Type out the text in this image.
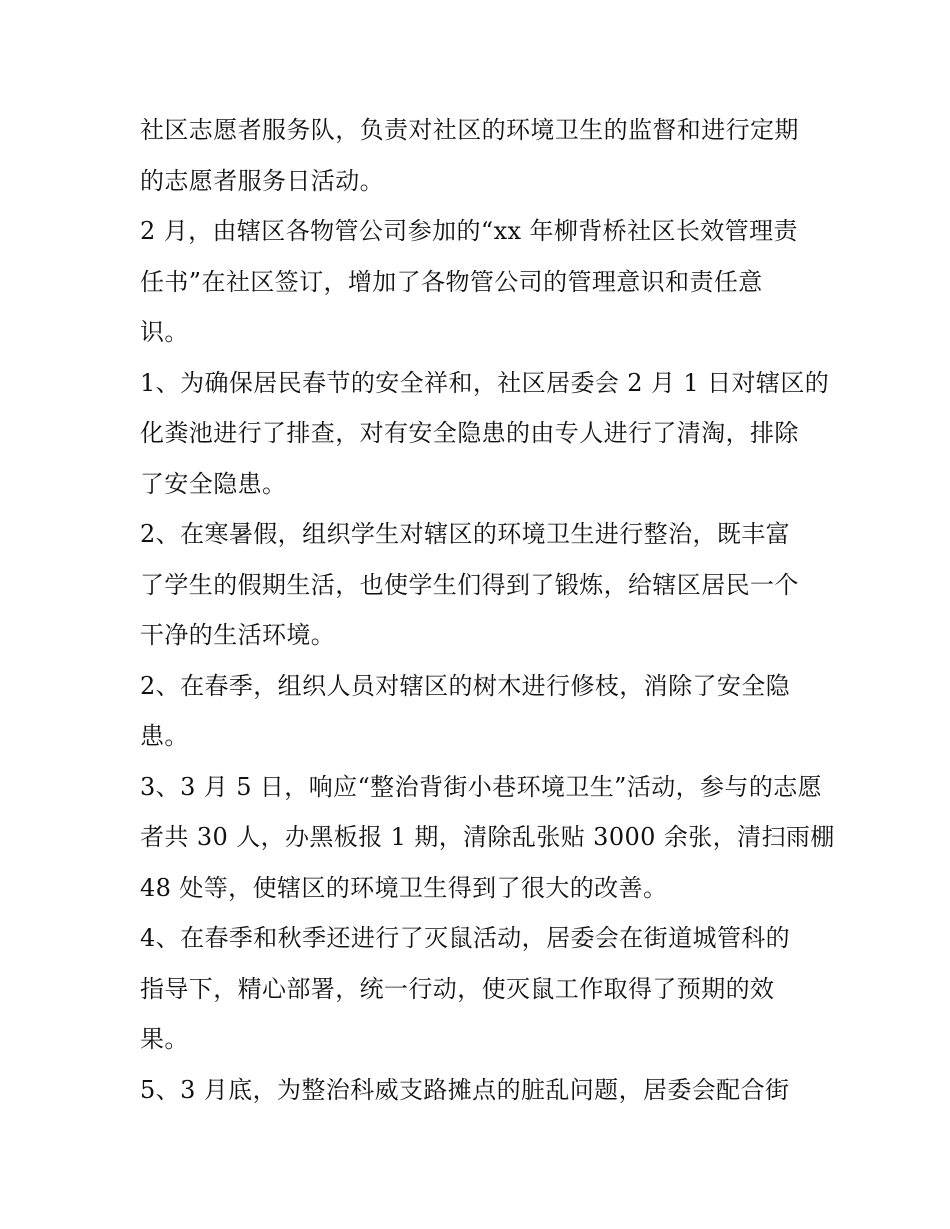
社区志愿者服务队，负责对社区的环境卫生的监督和进行定期
的志愿者服务日活动。
2 月，由辖区各物管公司参加的“xx 年柳背桥社区长效管理责
任书”在社区签订，增加了各物管公司的管理意识和责任意
识。
1、为确保居民春节的安全祥和，社区居委会 2 月 1 日对辖区的
化粪池进行了排查，对有安全隐患的由专人进行了清淘，排除
了安全隐患。
2、在寒暑假，组织学生对辖区的环境卫生进行整治，既丰富
了学生的假期生活，也使学生们得到了锻炼，给辖区居民一个
干净的生活环境。
2、在春季，组织人员对辖区的树木进行修枝，消除了安全隐
患。
3、3 月 5 日，响应“整治背街小巷环境卫生”活动，参与的志愿
者共 30 人，办黑板报 1 期，清除乱张贴 3000 余张，清扫雨棚
48 处等，使辖区的环境卫生得到了很大的改善。
4、在春季和秋季还进行了灭鼠活动，居委会在街道城管科的
指导下，精心部署，统一行动，使灭鼠工作取得了预期的效
果。
5、3 月底，为整治科威支路摊点的脏乱问题，居委会配合街
